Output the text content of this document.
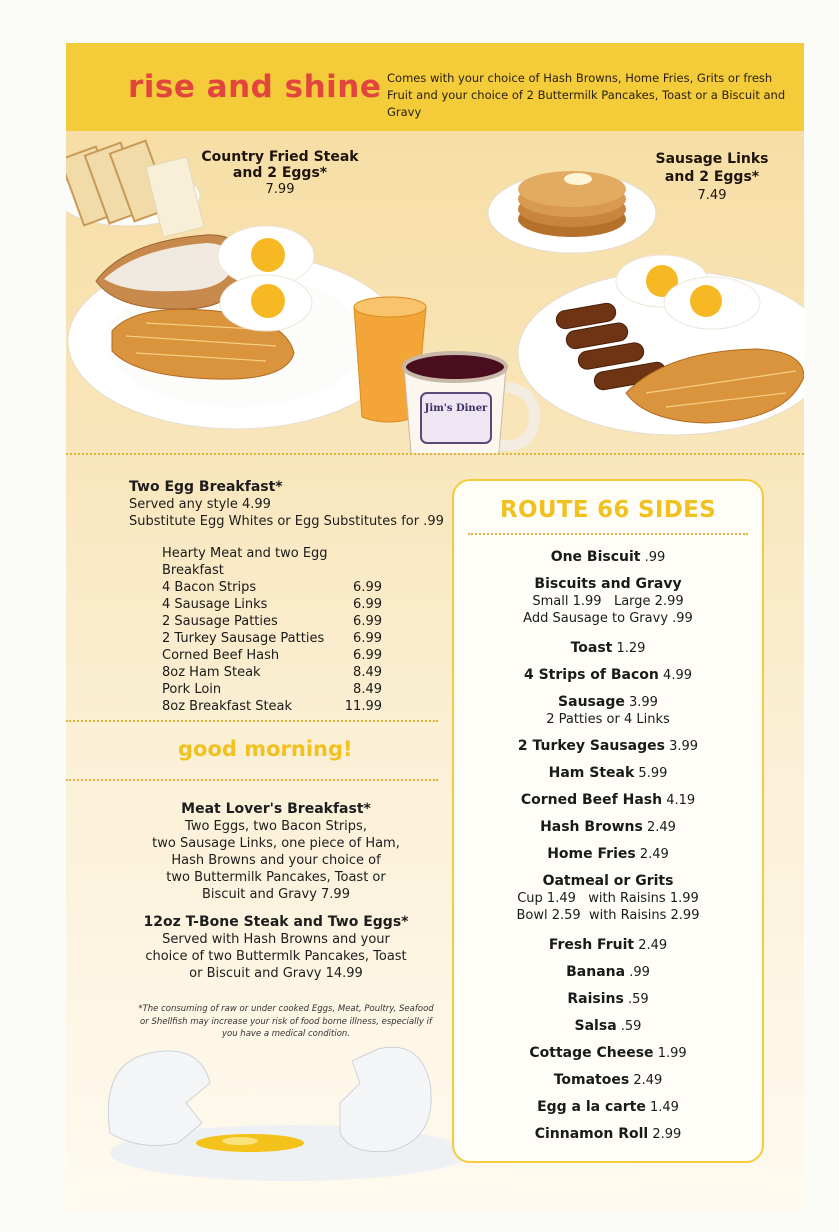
rise and shine Comes with your choice of Hash Browns, Home Fries, Grits or fresh Fruit and your choice of 2 Buttermilk Pancakes, Toast or a Biscuit and Gravy
Jim's Diner
Country Fried Steak
and 2 Eggs*
7.99
Sausage Links
and 2 Eggs*
7.49
Two Egg Breakfast*
Served any style 4.99
Substitute Egg Whites or Egg Substitutes for .99
Hearty Meat and two Egg Breakfast
4 Bacon Strips	6.99
4 Sausage Links	6.99
2 Sausage Patties	6.99
2 Turkey Sausage Patties	6.99
Corned Beef Hash	6.99
8oz Ham Steak	8.49
Pork Loin	8.49
8oz Breakfast Steak	11.99
good morning!
Meat Lover's Breakfast*
Two Eggs, two Bacon Strips,
two Sausage Links, one piece of Ham,
Hash Browns and your choice of
two Buttermilk Pancakes, Toast or
Biscuit and Gravy 7.99
12oz T-Bone Steak and Two Eggs*
Served with Hash Browns and your
choice of two Buttermlk Pancakes, Toast
or Biscuit and Gravy 14.99
*The consuming of raw or under cooked Eggs, Meat, Poultry, Seafood or Shellfish may increase your risk of food borne illness, especially if you have a medical condition.
ROUTE 66 SIDES
One Biscuit .99
Biscuits and Gravy
Small 1.99   Large 2.99
Add Sausage to Gravy .99
Toast 1.29
4 Strips of Bacon 4.99
Sausage 3.99
2 Patties or 4 Links
2 Turkey Sausages 3.99
Ham Steak 5.99
Corned Beef Hash 4.19
Hash Browns 2.49
Home Fries 2.49
Oatmeal or Grits
Cup 1.49   with Raisins 1.99
Bowl 2.59  with Raisins 2.99
Fresh Fruit 2.49
Banana .99
Raisins .59
Salsa .59
Cottage Cheese 1.99
Tomatoes 2.49
Egg a la carte 1.49
Cinnamon Roll 2.99
